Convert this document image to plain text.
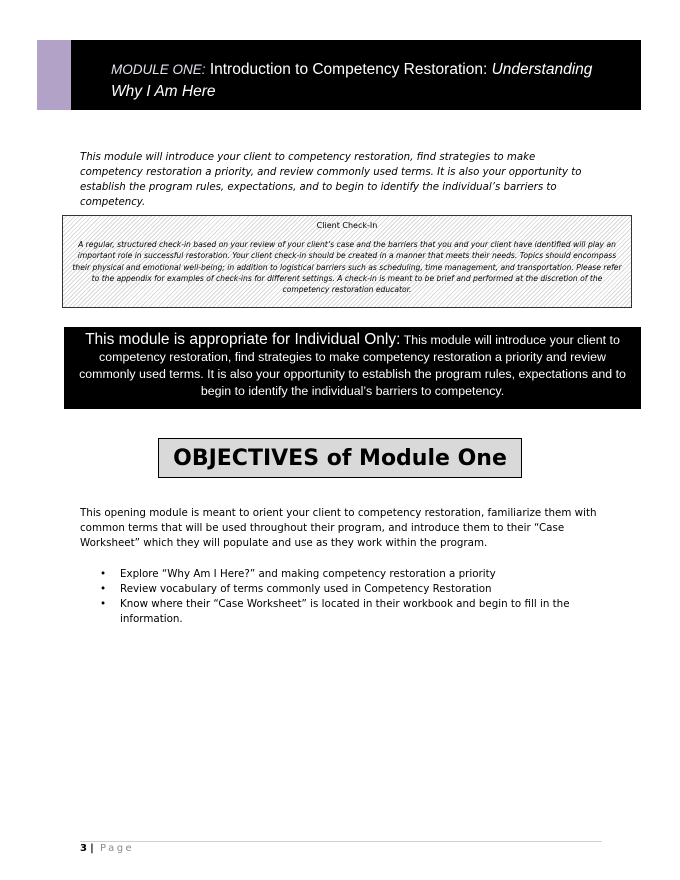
MODULE ONE: Introduction to Competency Restoration: Understanding Why I Am Here
This module will introduce your client to competency restoration, find strategies to make competency restoration a priority, and review commonly used terms. It is also your opportunity to establish the program rules, expectations, and to begin to identify the individual’s barriers to competency.
Client Check-In
A regular, structured check-in based on your review of your client’s case and the barriers that you and your client have identified will play an important role in successful restoration. Your client check-in should be created in a manner that meets their needs. Topics should encompass their physical and emotional well-being; in addition to logistical barriers such as scheduling, time management, and transportation. Please refer to the appendix for examples of check-ins for different settings. A check-in is meant to be brief and performed at the discretion of the competency restoration educator.
This module is appropriate for Individual Only: This module will introduce your client to competency restoration, find strategies to make competency restoration a priority and review commonly used terms. It is also your opportunity to establish the program rules, expectations and to begin to identify the individual’s barriers to competency.
OBJECTIVES of Module One
This opening module is meant to orient your client to competency restoration, familiarize them with common terms that will be used throughout their program, and introduce them to their “Case Worksheet” which they will populate and use as they work within the program.
• Explore “Why Am I Here?” and making competency restoration a priority
• Review vocabulary of terms commonly used in Competency Restoration
• Know where their “Case Worksheet” is located in their workbook and begin to fill in the information.
3 | Page
